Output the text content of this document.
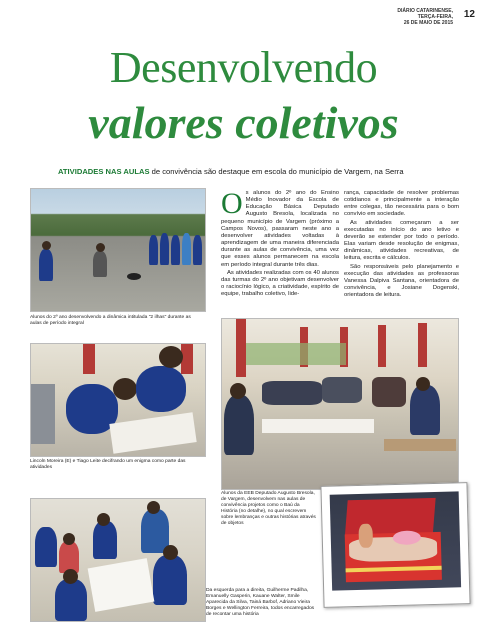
DIÁRIO CATARINENSE,
TERÇA-FEIRA,
26 DE MAIO DE 2015
12
Desenvolvendo
valores coletivos
ATIVIDADES NAS AULAS de convivência são destaque em escola do município de Vargem, na Serra
Alunos do 2º ano desenvolvendo a dinâmica intitulada "2 ilhas" durante as aulas de período integral
Lincoln Moreira (E) e Tiago Leite decifrando um enigma como parte das atividades
Alunos da EEB Deputado Augusto Bresola, de Vargem, desenvolvem nas aulas de convivência projetos como o Baú da História (no detalhe), no qual escrevem sobre lembranças e outras histórias através de objetos
Da esquerda para a direita, Guilherme Padilha, Emanuelly Gasperin, Kauane Walter, Smile Aparecida da Silva, Tainá Barbof, Adriano Vieira Borges e Wellington Ferreira, todos encarregados de recontar uma história

Os alunos do 2º ano do Ensino Médio Inovador da Escola de Educação Básica Deputado Augusto Bresola, localizada no pequeno município de Vargem (próximo a Campos Novos), passaram neste ano a desenvolver atividades voltadas à aprendizagem de uma maneira diferenciada durante as aulas de convivência, uma vez que esses alunos permanecem na escola em período integral durante três dias.

As atividades realizadas com os 40 alunos das turmas do 2º ano objetivam desenvolver o raciocínio lógico, a criatividade, espírito de equipe, trabalho coletivo, lide-

rança, capacidade de resolver problemas cotidianos e principalmente a interação entre colegas, tão necessária para o bom convívio em sociedade.

As atividades começaram a ser executadas no início do ano letivo e deverão se estender por todo o período. Elas variam desde resolução de enigmas, dinâmicas, atividades recreativas, de leitura, escrita e cálculos.

São responsáveis pelo planejamento e execução das atividades as professoras Vanessa Dalpiva Santana, orientadora de convivência, e Josiane Dogenski, orientadora de leitura.
